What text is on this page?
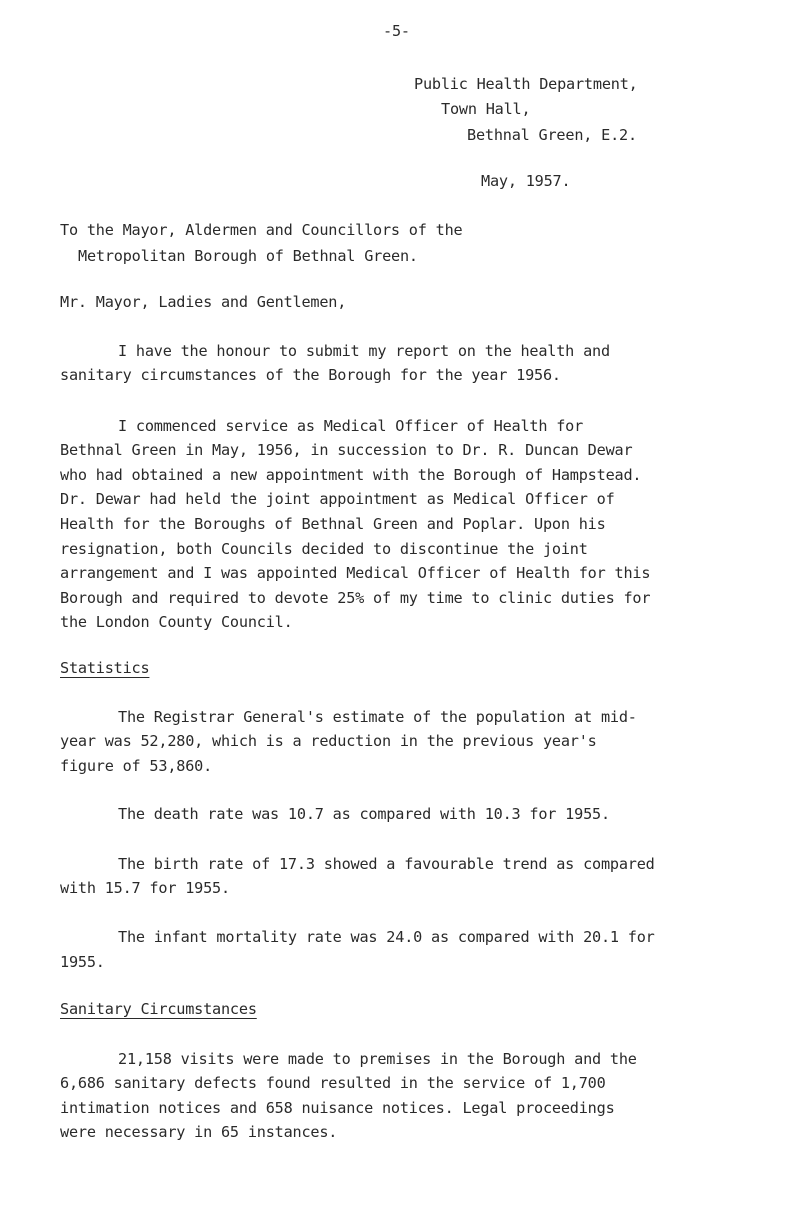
-5-
Public Health Department,
Town Hall,
Bethnal Green, E.2.
May, 1957.
To the Mayor, Aldermen and Councillors of the
Metropolitan Borough of Bethnal Green.
Mr. Mayor, Ladies and Gentlemen,
I have the honour to submit my report on the health and
sanitary circumstances of the Borough for the year 1956.
I commenced service as Medical Officer of Health for
Bethnal Green in May, 1956, in succession to Dr. R. Duncan Dewar
who had obtained a new appointment with the Borough of Hampstead.
Dr. Dewar had held the joint appointment as Medical Officer of
Health for the Boroughs of Bethnal Green and Poplar. Upon his
resignation, both Councils decided to discontinue the joint
arrangement and I was appointed Medical Officer of Health for this
Borough and required to devote 25% of my time to clinic duties for
the London County Council.
Statistics
The Registrar General's estimate of the population at mid-
year was 52,280, which is a reduction in the previous year's
figure of 53,860.
The death rate was 10.7 as compared with 10.3 for 1955.
The birth rate of 17.3 showed a favourable trend as compared
with 15.7 for 1955.
The infant mortality rate was 24.0 as compared with 20.1 for
1955.
Sanitary Circumstances
21,158 visits were made to premises in the Borough and the
6,686 sanitary defects found resulted in the service of 1,700
intimation notices and 658 nuisance notices. Legal proceedings
were necessary in 65 instances.
